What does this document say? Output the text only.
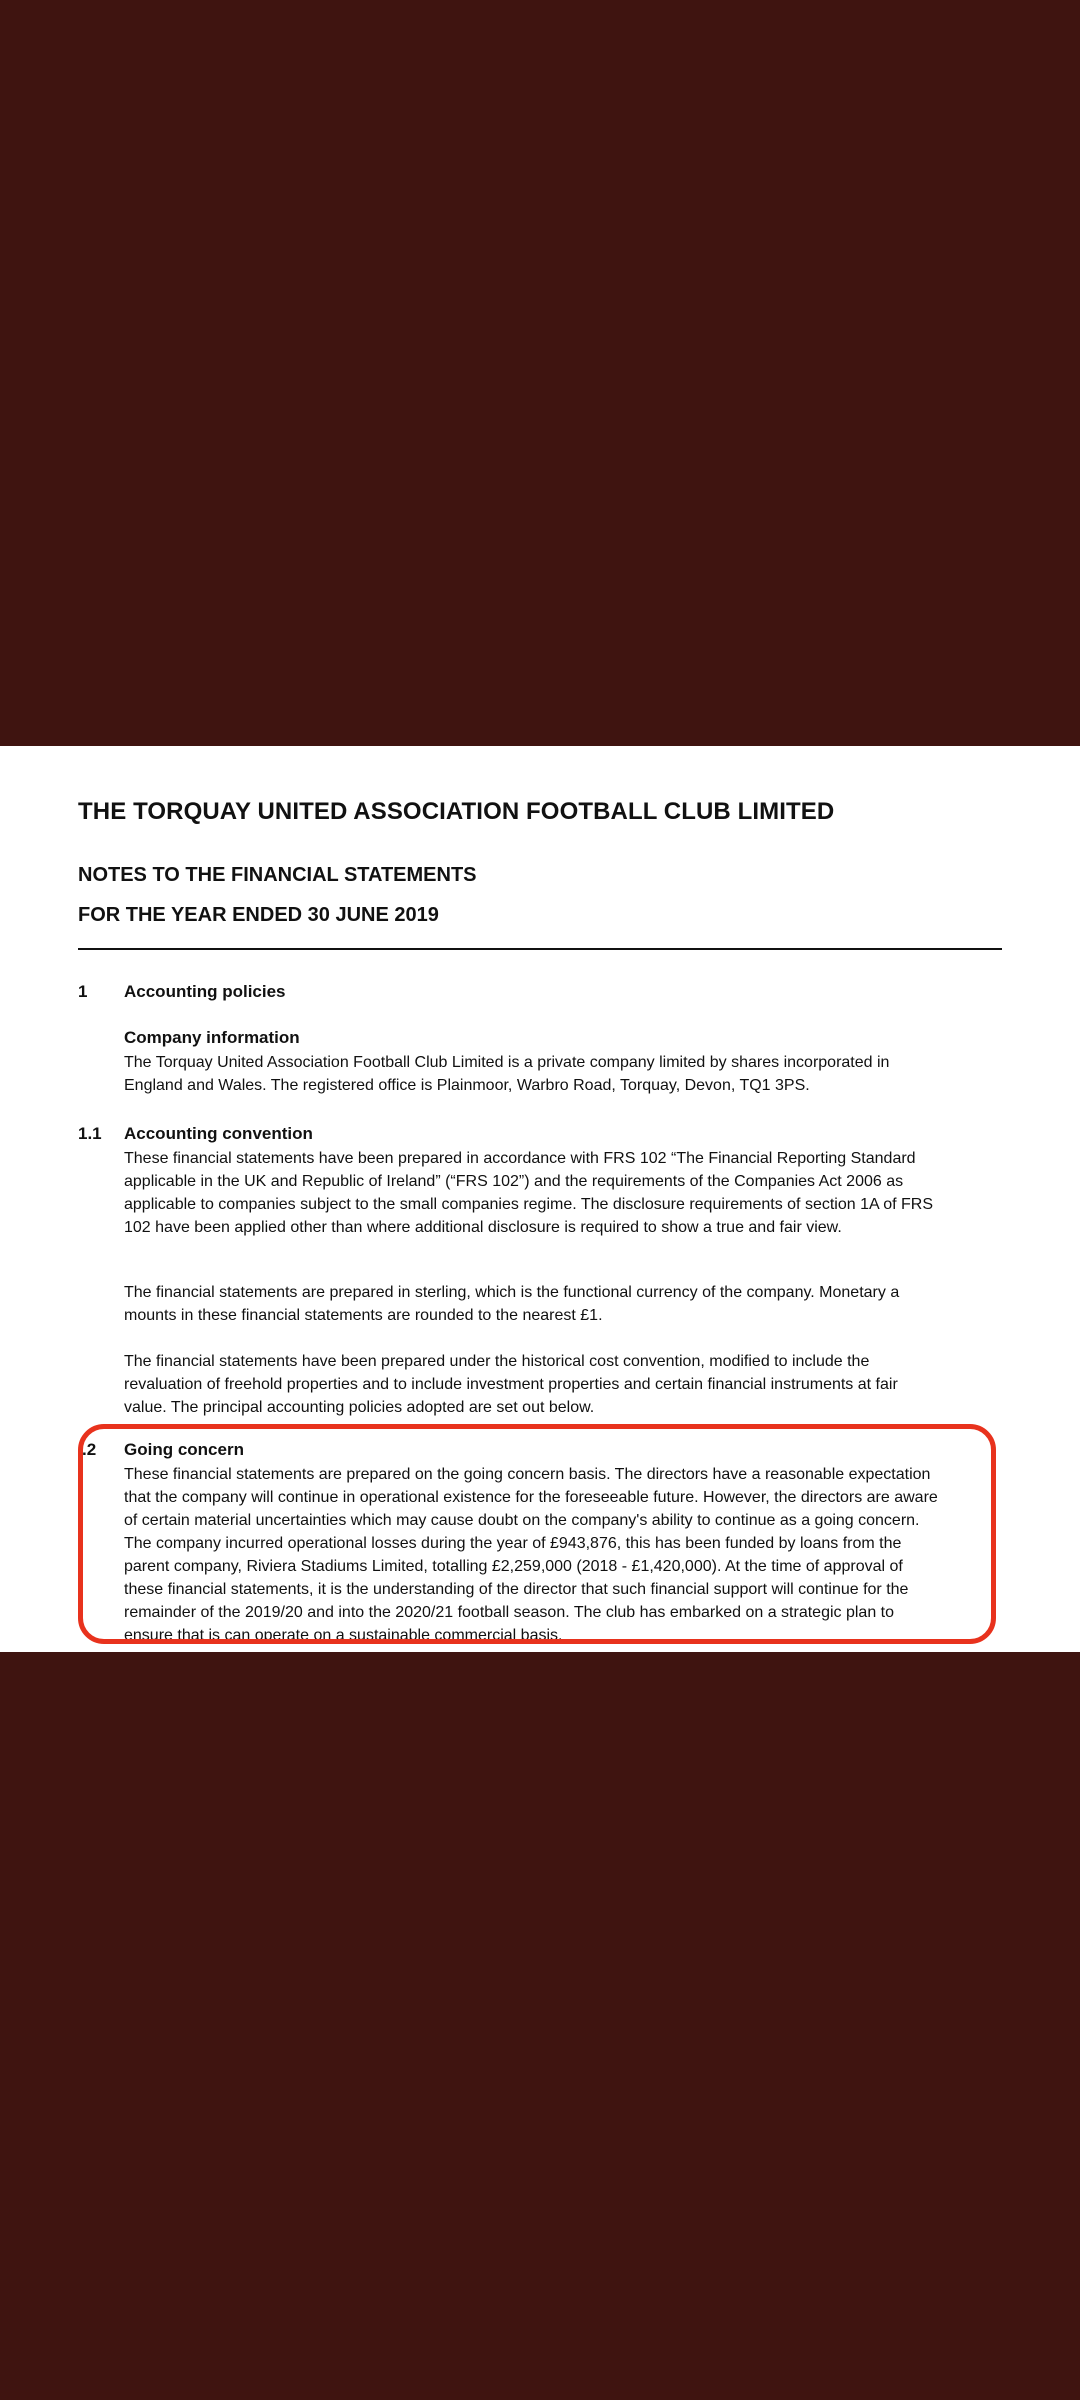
THE TORQUAY UNITED ASSOCIATION FOOTBALL CLUB LIMITED
NOTES TO THE FINANCIAL STATEMENTS
FOR THE YEAR ENDED 30 JUNE 2019
1 Accounting policies
Company information

The Torquay United Association Football Club Limited is a private company limited by shares incorporated in
England and Wales. The registered office is Plainmoor, Warbro Road, Torquay, Devon, TQ1 3PS.

1.1 Accounting convention

These financial statements have been prepared in accordance with FRS 102 “The Financial Reporting Standard
applicable in the UK and Republic of Ireland” (“FRS 102”) and the requirements of the Companies Act 2006 as
applicable to companies subject to the small companies regime. The disclosure requirements of section 1A of FRS
102 have been applied other than where additional disclosure is required to show a true and fair view.

The financial statements are prepared in sterling, which is the functional currency of the company. Monetary a
mounts in these financial statements are rounded to the nearest £1.

The financial statements have been prepared under the historical cost convention, modified to include the
revaluation of freehold properties and to include investment properties and certain financial instruments at fair
value. The principal accounting policies adopted are set out below.

.2 Going concern

These financial statements are prepared on the going concern basis. The directors have a reasonable expectation
that the company will continue in operational existence for the foreseeable future. However, the directors are aware
of certain material uncertainties which may cause doubt on the company's ability to continue as a going concern.
The company incurred operational losses during the year of £943,876, this has been funded by loans from the
parent company, Riviera Stadiums Limited, totalling £2,259,000 (2018 - £1,420,000). At the time of approval of
these financial statements, it is the understanding of the director that such financial support will continue for the
remainder of the 2019/20 and into the 2020/21 football season. The club has embarked on a strategic plan to
ensure that is can operate on a sustainable commercial basis.
